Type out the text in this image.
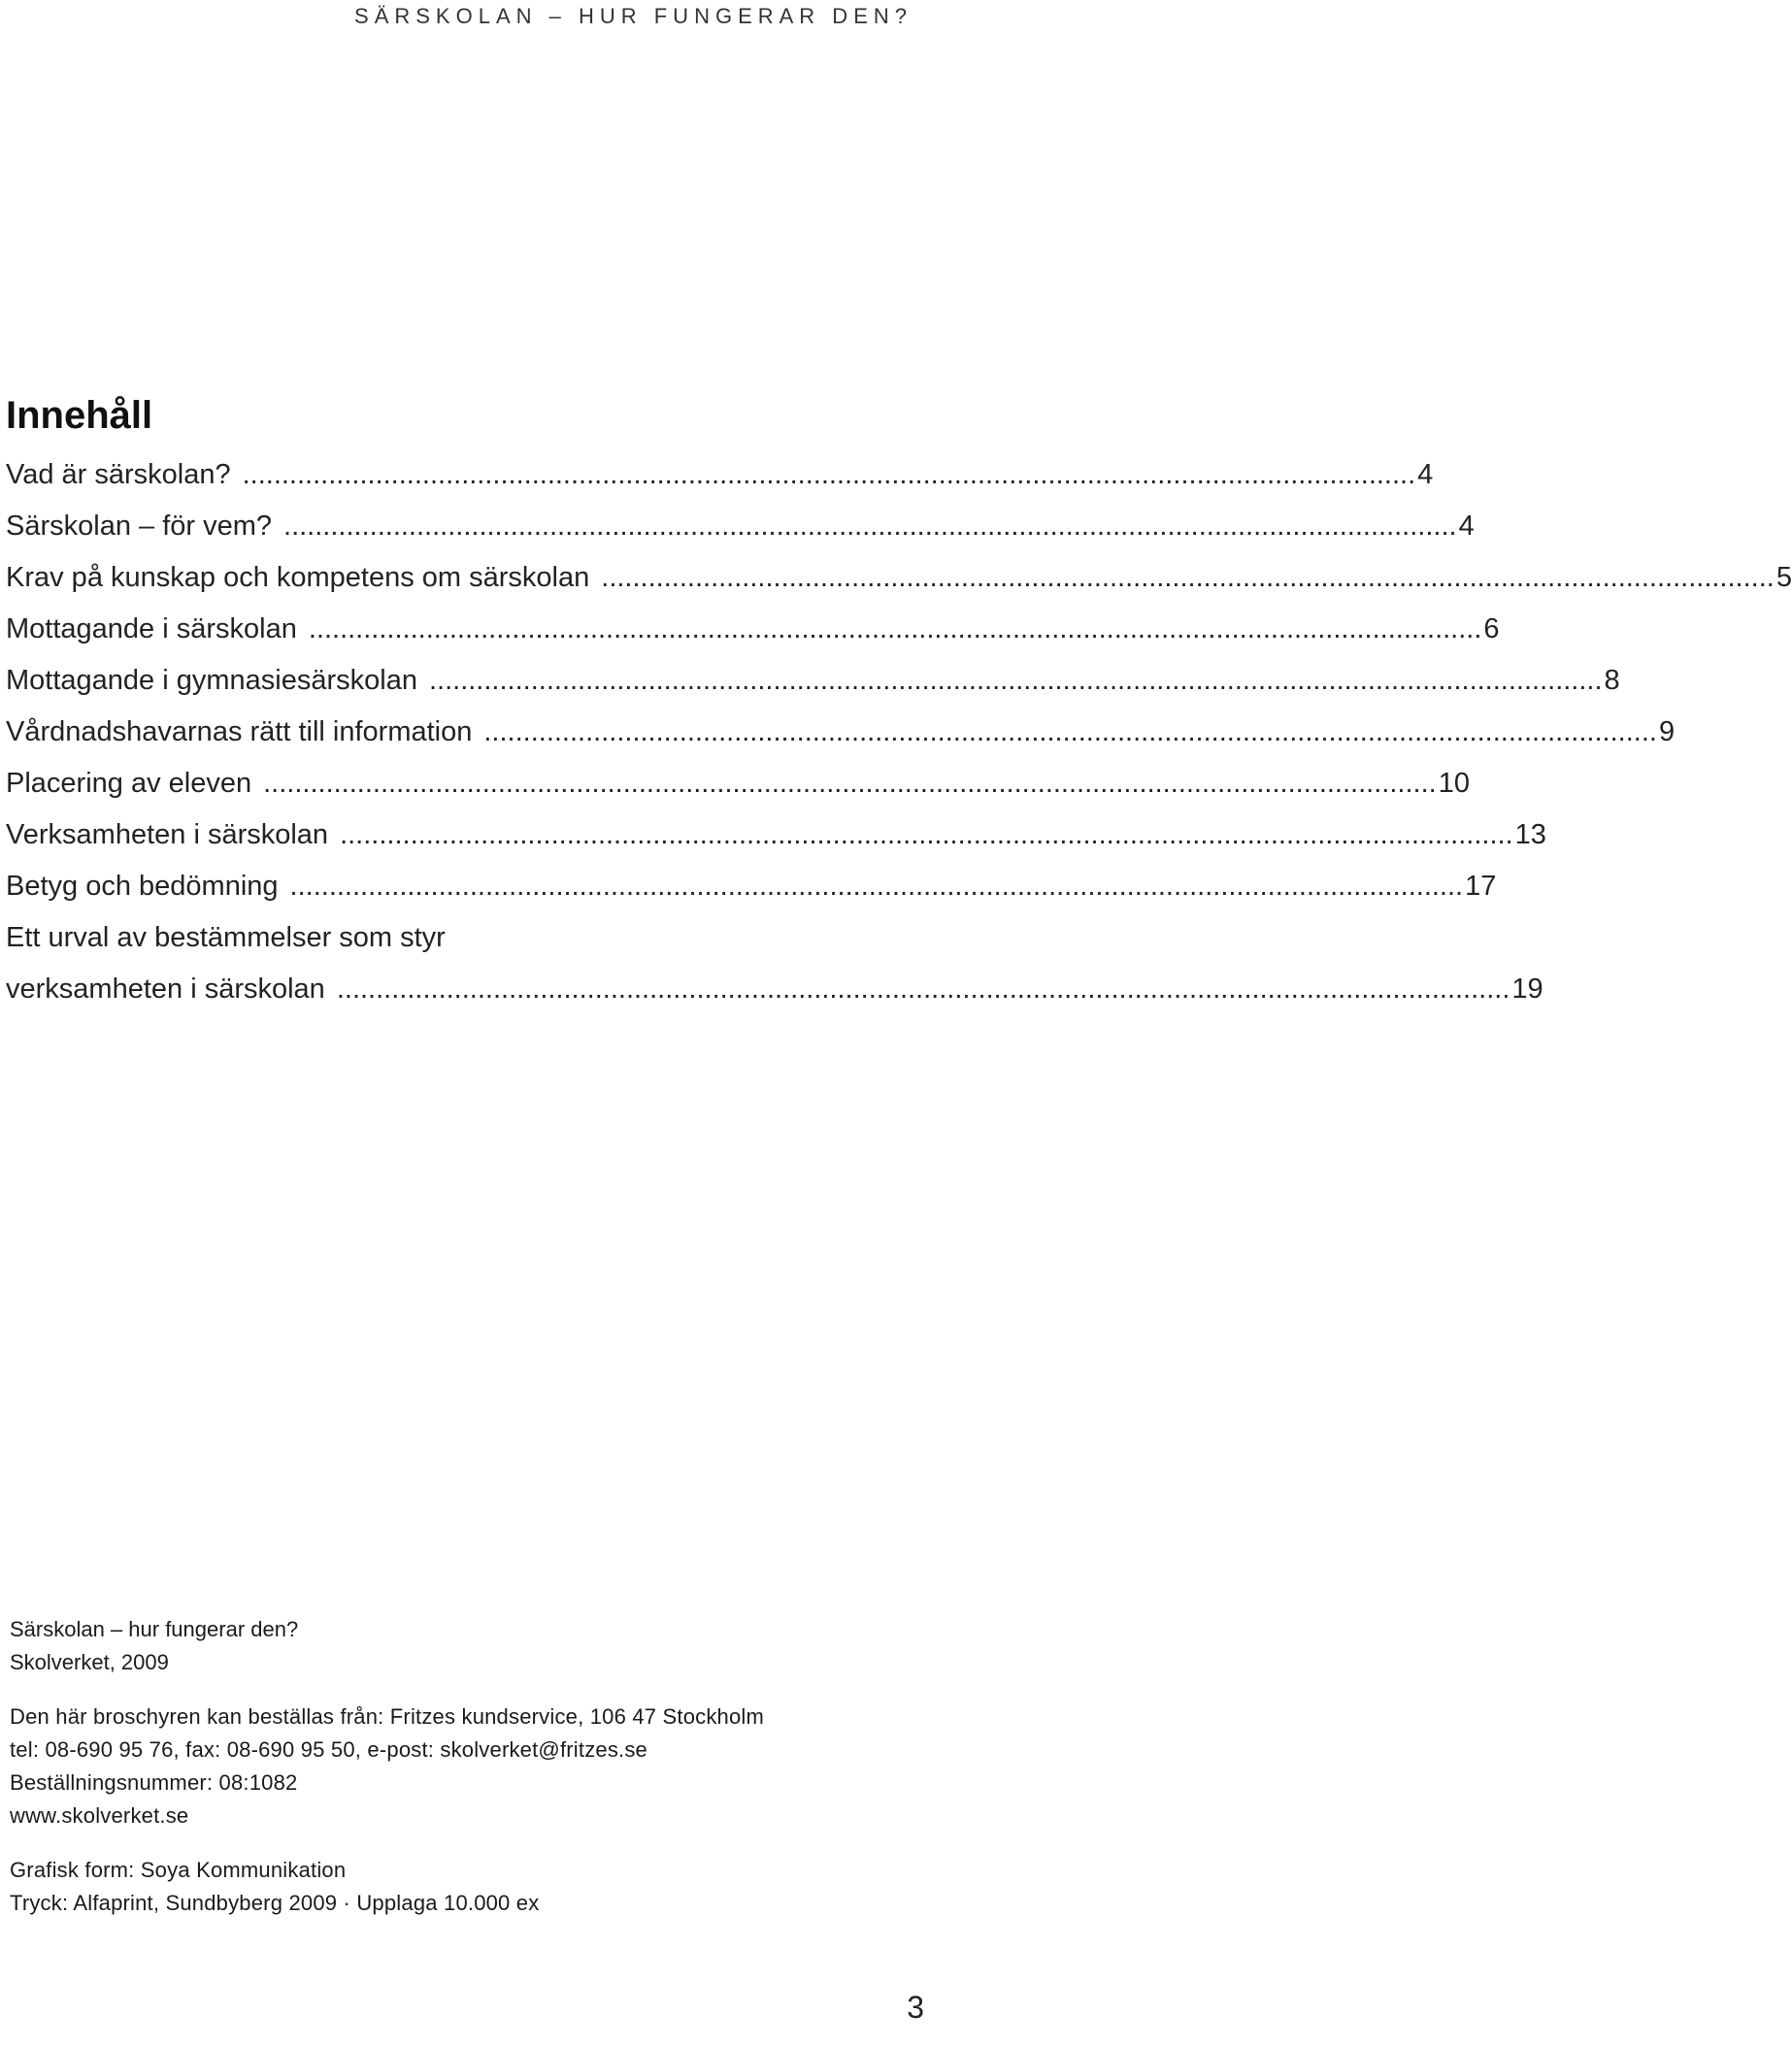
SÄRSKOLAN – HUR FUNGERAR DEN?
Innehåll
Vad är särskolan? ...................................................................................................................................................... 4
Särskolan – för vem? ...................................................................................................................................................... 4
Krav på kunskap och kompetens om särskolan ...................................................................................................................................................... 5
Mottagande i särskolan ...................................................................................................................................................... 6
Mottagande i gymnasiesärskolan ...................................................................................................................................................... 8
Vårdnadshavarnas rätt till information ...................................................................................................................................................... 9
Placering av eleven ...................................................................................................................................................... 10
Verksamheten i särskolan ...................................................................................................................................................... 13
Betyg och bedömning ...................................................................................................................................................... 17
Ett urval av bestämmelser som styr
verksamheten i särskolan ...................................................................................................................................................... 19
Särskolan – hur fungerar den?
Skolverket, 2009
Den här broschyren kan beställas från: Fritzes kundservice, 106 47 Stockholm
tel: 08-690 95 76, fax: 08-690 95 50, e-post: skolverket@fritzes.se
Beställningsnummer: 08:1082
www.skolverket.se
Grafisk form: Soya Kommunikation
Tryck: Alfaprint, Sundbyberg 2009 · Upplaga 10.000 ex
3
